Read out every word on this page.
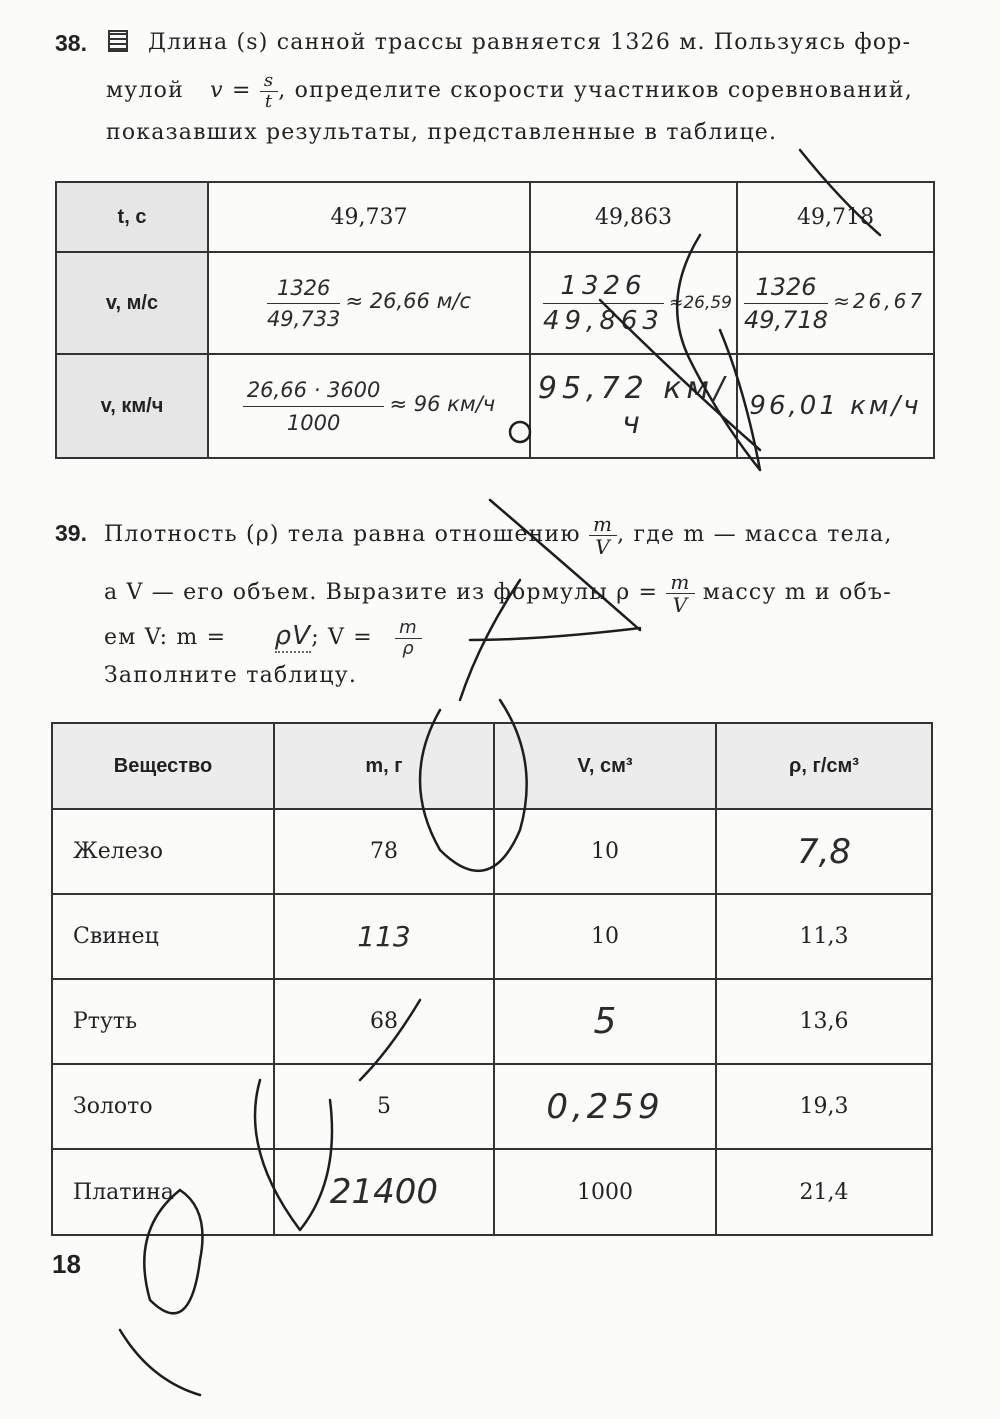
38.	Длина (s) санной трассы равняется 1326 м. Пользуясь фор-
мулой $v = \frac{s}{t}$ , определите скорости участников соревнований,
показавших результаты, представленные в таблице.
t, с	49,737	49,863	49,718
v, м/с	$\frac{1326}{49,733} \approx 26,66$ м/с	$\frac{1326}{49,863} \approx 26,59$	$\frac{1326}{49,718} \approx 26,67$
v, км/ч	$\frac{26,66 \cdot 3600}{1000} \approx 96$ км/ч	95,72 км/ч	96,01 км/ч
39. Плотность (ρ) тела равна отношению $\frac{m}{V}$ , где m — масса тела,
а V — его объем. Выразите из формулы $\rho = \frac{m}{V}$ массу m и объ-
ем V: m = ρV; $V = \frac{m}{\rho}$
Заполните таблицу.
Вещество	m, г	V, см³	ρ, г/см³
Железо	78	10	7,8
Свинец	113	10	11,3
Ртуть	68	5	13,6
Золото	5	0,259	19,3
Платина	21400	1000	21,4
18
